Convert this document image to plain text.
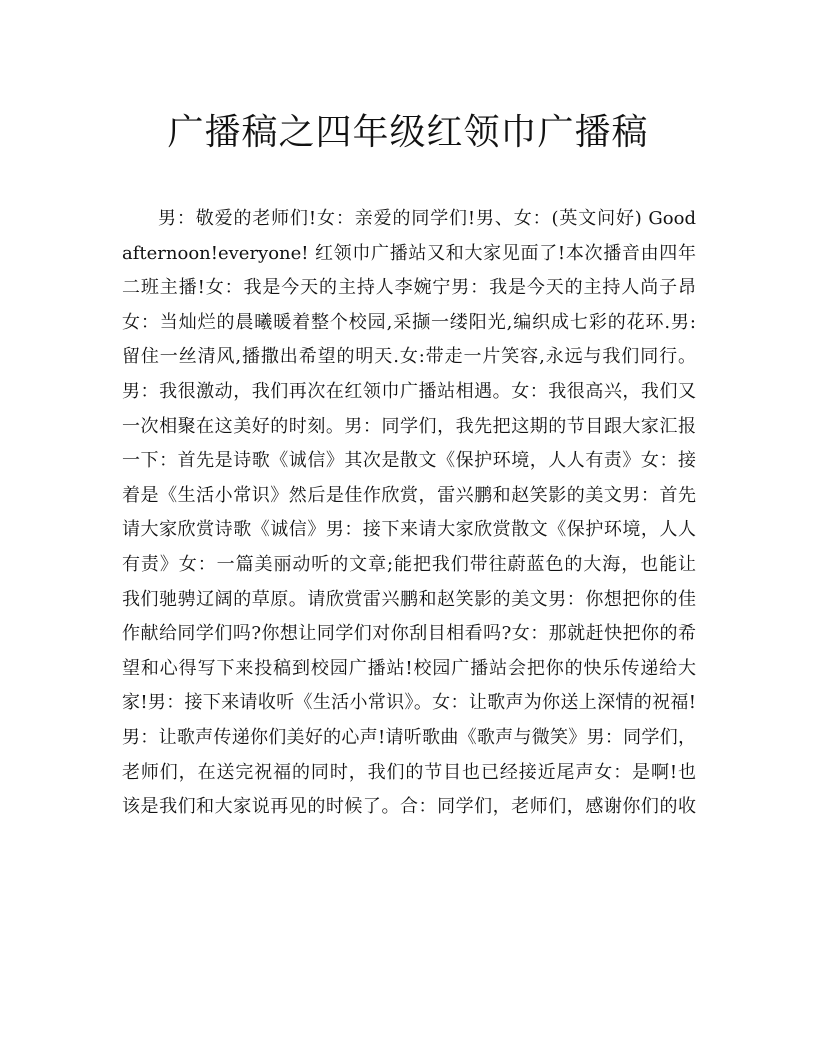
广播稿之四年级红领巾广播稿
男：敬爱的老师们!女：亲爱的同学们!男、女：(英文问好) Good
afternoon!everyone! 红领巾广播站又和大家见面了!本次播音由四年
二班主播!女：我是今天的主持人李婉宁男：我是今天的主持人尚子昂
女：当灿烂的晨曦暖着整个校园,采撷一缕阳光,编织成七彩的花环.男:
留住一丝清风,播撒出希望的明天.女:带走一片笑容,永远与我们同行。
男：我很激动，我们再次在红领巾广播站相遇。女：我很高兴，我们又
一次相聚在这美好的时刻。男：同学们，我先把这期的节目跟大家汇报
一下：首先是诗歌《诚信》其次是散文《保护环境，人人有责》女：接
着是《生活小常识》然后是佳作欣赏，雷兴鹏和赵笑影的美文男：首先
请大家欣赏诗歌《诚信》男：接下来请大家欣赏散文《保护环境，人人
有责》女：一篇美丽动听的文章;能把我们带往蔚蓝色的大海，也能让
我们驰骋辽阔的草原。请欣赏雷兴鹏和赵笑影的美文男：你想把你的佳
作献给同学们吗?你想让同学们对你刮目相看吗?女：那就赶快把你的希
望和心得写下来投稿到校园广播站!校园广播站会把你的快乐传递给大
家!男：接下来请收听《生活小常识》。女：让歌声为你送上深情的祝福!
男：让歌声传递你们美好的心声!请听歌曲《歌声与微笑》男：同学们，
老师们，在送完祝福的同时，我们的节目也已经接近尾声女：是啊!也
该是我们和大家说再见的时候了。合：同学们，老师们，感谢你们的收
